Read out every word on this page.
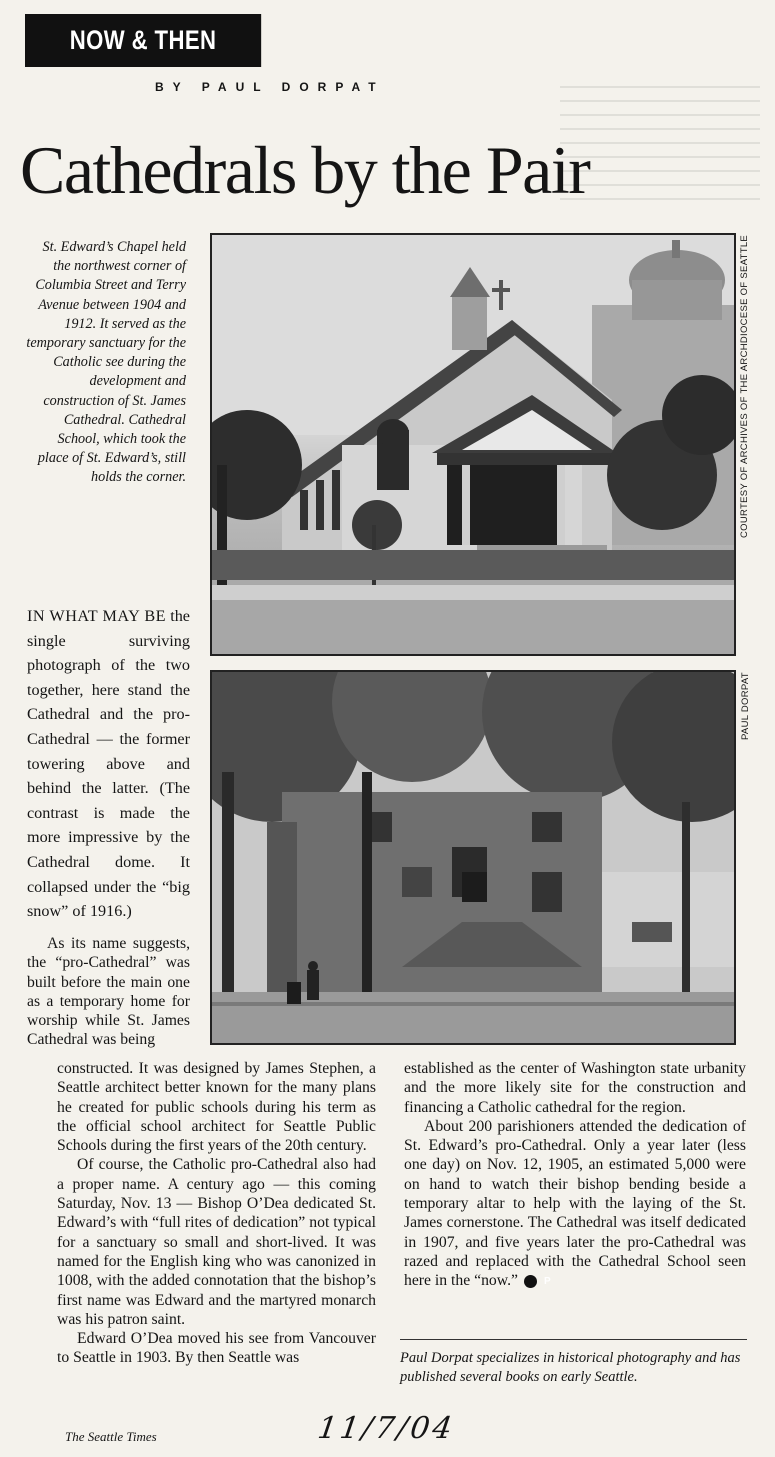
NOW & THEN
BY PAUL DORPAT
Cathedrals by the Pair
St. Edward’s Chapel held the northwest corner of Columbia Street and Terry Avenue between 1904 and 1912. It served as the temporary sanctuary for the Catholic see during the development and construction of St. James Cathedral. Cathedral School, which took the place of St. Edward’s, still holds the corner.	COURTESY OF ARCHIVES OF THE ARCHDIOCESE OF SEATTLE
PAUL DORPAT

IN WHAT MAY BE the single surviving photograph of the two together, here stand the Cathedral and the pro-Cathedral — the former towering above and behind the latter. (The contrast is made the more impressive by the Cathedral dome. It collapsed under the “big snow” of 1916.)

As its name suggests, the “pro-Cathedral” was built before the main one as a temporary home for worship while St. James Cathedral was being

constructed. It was designed by James Stephen, a Seattle architect better known for the many plans he created for public schools during his term as the official school architect for Seattle Public Schools during the first years of the 20th century.

Of course, the Catholic pro-Cathedral also had a proper name. A century ago — this coming Saturday, Nov. 13 — Bishop O’Dea dedicated St. Edward’s with “full rites of dedication” not typical for a sanctuary so small and short-lived. It was named for the English king who was canonized in 1008, with the added connotation that the bishop’s first name was Edward and the martyred monarch was his patron saint.

Edward O’Dea moved his see from Vancouver to Seattle in 1903. By then Seattle was

established as the center of Washington state urbanity and the more likely site for the construction and financing a Catholic cathedral for the region.

About 200 parishioners attended the dedication of St. Edward’s pro-Cathedral. Only a year later (less one day) on Nov. 12, 1905, an estimated 5,000 were on hand to watch their bishop bending beside a temporary altar to help with the laying of the St. James cornerstone. The Cathedral was itself dedicated in 1907, and five years later the pro-Cathedral was razed and replaced with the Cathedral School seen here in the “now.”	P

Paul Dorpat specializes in historical photography and has published several books on early Seattle.
The Seattle Times	11/7/04
